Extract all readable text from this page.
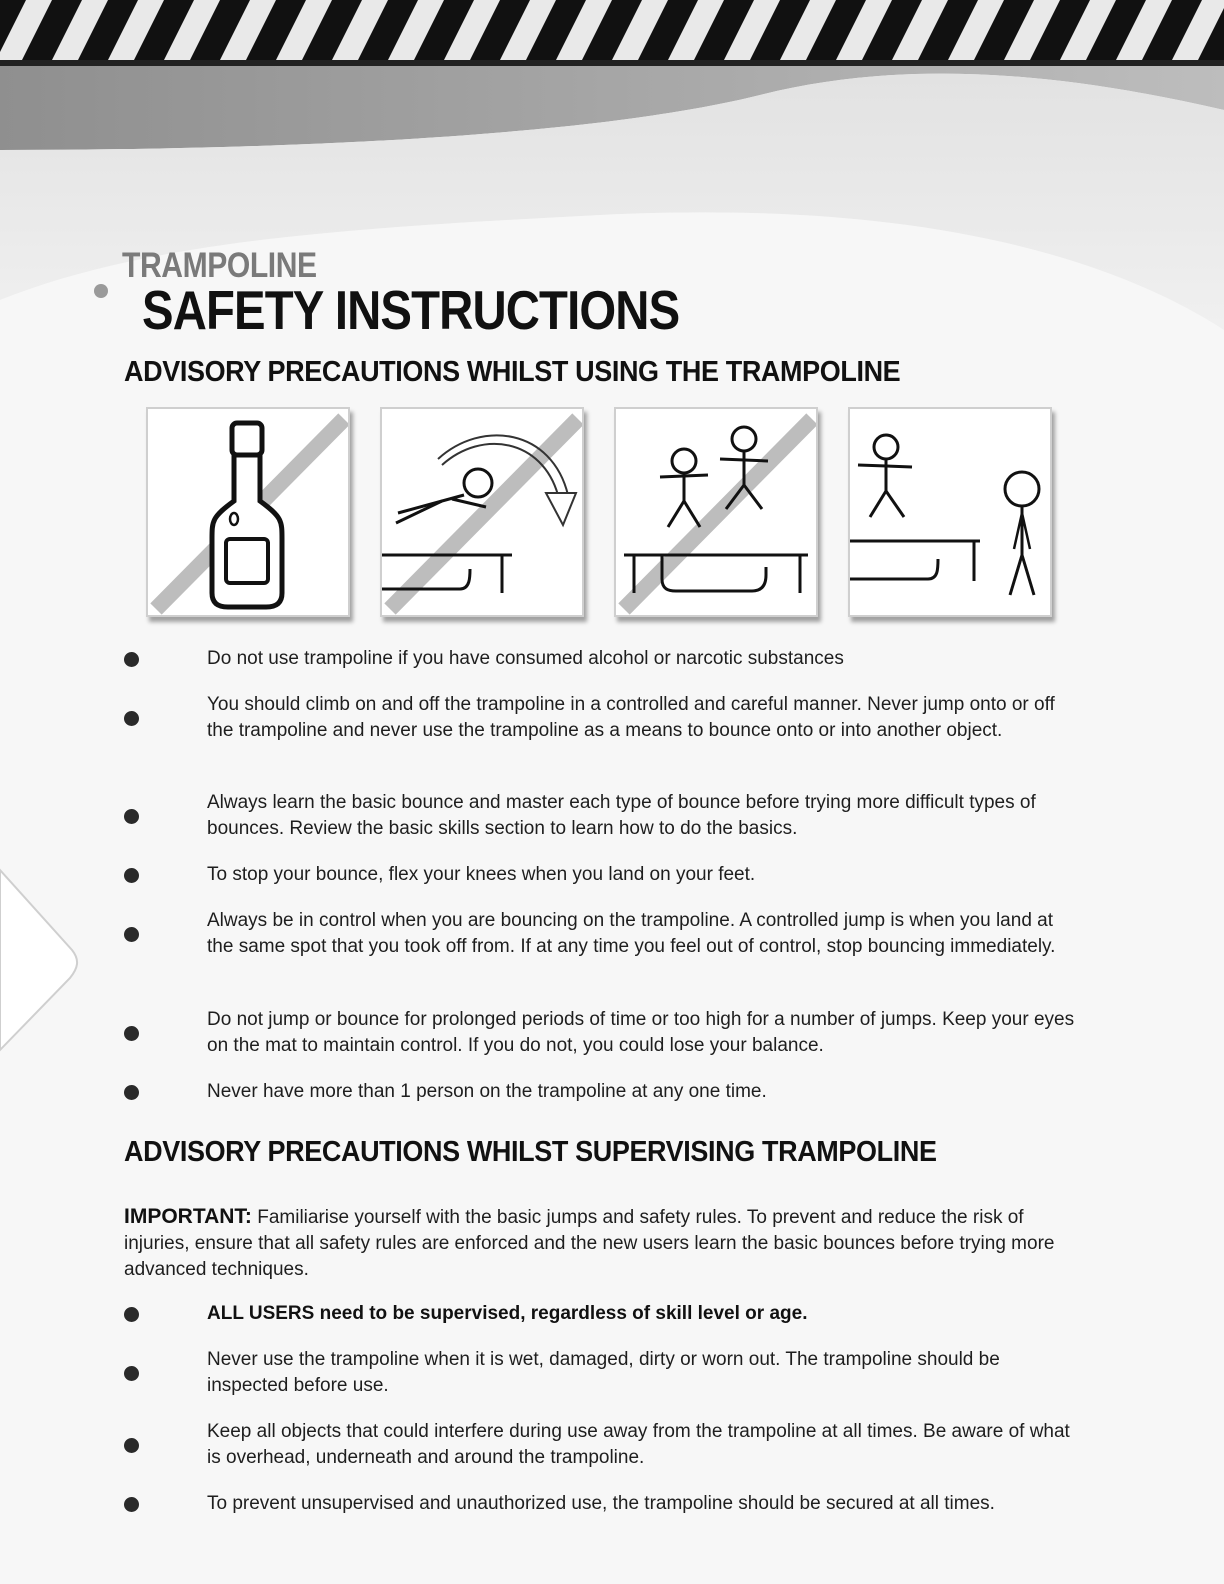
TRAMPOLINE
SAFETY INSTRUCTIONS
ADVISORY PRECAUTIONS WHILST USING THE TRAMPOLINE
Do not use trampoline if you have consumed alcohol or narcotic substances
You should climb on and off the trampoline in a controlled and careful manner. Never jump onto or off the trampoline and never use the trampoline as a means to bounce onto or into another object.
Always learn the basic bounce and master each type of bounce before trying more difficult types of bounces. Review the basic skills section to learn how to do the basics.
To stop your bounce, flex your knees when you land on your feet.
Always be in control when you are bouncing on the trampoline. A controlled jump is when you land at the same spot that you took off from. If at any time you feel out of control, stop bouncing immediately.
Do not jump or bounce for prolonged periods of time or too high for a number of jumps. Keep your eyes on the mat to maintain control. If you do not, you could lose your balance.
Never have more than 1 person on the trampoline at any one time.
ADVISORY PRECAUTIONS WHILST SUPERVISING TRAMPOLINE
IMPORTANT: Familiarise yourself with the basic jumps and safety rules. To prevent and reduce the risk of injuries, ensure that all safety rules are enforced and the new users learn the basic bounces before trying more advanced techniques.
ALL USERS need to be supervised, regardless of skill level or age.
Never use the trampoline when it is wet, damaged, dirty or worn out. The trampoline should be inspected before use.
Keep all objects that could interfere during use away from the trampoline at all times. Be aware of what is overhead, underneath and around the trampoline.
To prevent unsupervised and unauthorized use, the trampoline should be secured at all times.
